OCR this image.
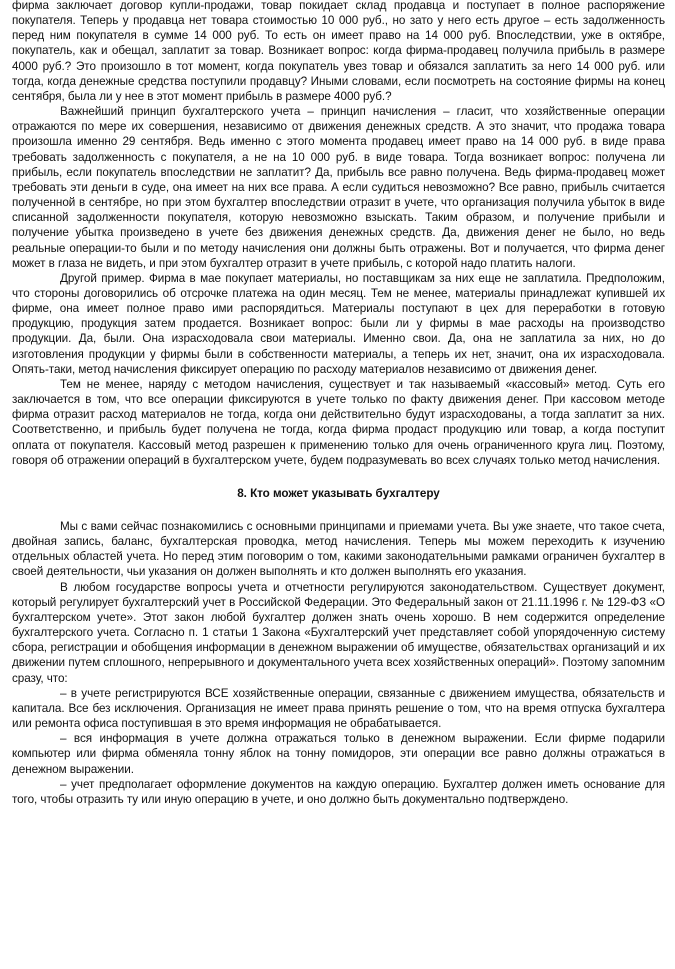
фирма заключает договор купли-продажи, товар покидает склад продавца и поступает в полное распоряжение покупателя. Теперь у продавца нет товара стоимостью 10 000 руб., но зато у него есть другое – есть задолженность перед ним покупателя в сумме 14 000 руб. То есть он имеет право на 14 000 руб. Впоследствии, уже в октябре, покупатель, как и обещал, заплатит за товар. Возникает вопрос: когда фирма-продавец получила прибыль в размере 4000 руб.? Это произошло в тот момент, когда покупатель увез товар и обязался заплатить за него 14 000 руб. или тогда, когда денежные средства поступили продавцу? Иными словами, если посмотреть на состояние фирмы на конец сентября, была ли у нее в этот момент прибыль в размере 4000 руб.?

Важнейший принцип бухгалтерского учета – принцип начисления – гласит, что хозяйственные операции отражаются по мере их совершения, независимо от движения денежных средств. А это значит, что продажа товара произошла именно 29 сентября. Ведь именно с этого момента продавец имеет право на 14 000 руб. в виде права требовать задолженность с покупателя, а не на 10 000 руб. в виде товара. Тогда возникает вопрос: получена ли прибыль, если покупатель впоследствии не заплатит? Да, прибыль все равно получена. Ведь фирма-продавец может требовать эти деньги в суде, она имеет на них все права. А если судиться невозможно? Все равно, прибыль считается полученной в сентябре, но при этом бухгалтер впоследствии отразит в учете, что организация получила убыток в виде списанной задолженности покупателя, которую невозможно взыскать. Таким образом, и получение прибыли и получение убытка произведено в учете без движения денежных средств. Да, движения денег не было, но ведь реальные операции-то были и по методу начисления они должны быть отражены. Вот и получается, что фирма денег может в глаза не видеть, и при этом бухгалтер отразит в учете прибыль, с которой надо платить налоги.

Другой пример. Фирма в мае покупает материалы, но поставщикам за них еще не заплатила. Предположим, что стороны договорились об отсрочке платежа на один месяц. Тем не менее, материалы принадлежат купившей их фирме, она имеет полное право ими распорядиться. Материалы поступают в цех для переработки в готовую продукцию, продукция затем продается. Возникает вопрос: были ли у фирмы в мае расходы на производство продукции. Да, были. Она израсходовала свои материалы. Именно свои. Да, она не заплатила за них, но до изготовления продукции у фирмы были в собственности материалы, а теперь их нет, значит, она их израсходовала. Опять-таки, метод начисления фиксирует операцию по расходу материалов независимо от движения денег.

Тем не менее, наряду с методом начисления, существует и так называемый «кассовый» метод. Суть его заключается в том, что все операции фиксируются в учете только по факту движения денег. При кассовом методе фирма отразит расход материалов не тогда, когда они действительно будут израсходованы, а тогда заплатит за них. Соответственно, и прибыль будет получена не тогда, когда фирма продаст продукцию или товар, а когда поступит оплата от покупателя. Кассовый метод разрешен к применению только для очень ограниченного круга лиц. Поэтому, говоря об отражении операций в бухгалтерском учете, будем подразумевать во всех случаях только метод начисления.

8. Кто может указывать бухгалтеру

Мы с вами сейчас познакомились с основными принципами и приемами учета. Вы уже знаете, что такое счета, двойная запись, баланс, бухгалтерская проводка, метод начисления. Теперь мы можем переходить к изучению отдельных областей учета. Но перед этим поговорим о том, какими законодательными рамками ограничен бухгалтер в своей деятельности, чьи указания он должен выполнять и кто должен выполнять его указания.

В любом государстве вопросы учета и отчетности регулируются законодательством. Существует документ, который регулирует бухгалтерский учет в Российской Федерации. Это Федеральный закон от 21.11.1996 г. № 129-ФЗ «О бухгалтерском учете». Этот закон любой бухгалтер должен знать очень хорошо. В нем содержится определение бухгалтерского учета. Согласно п. 1 статьи 1 Закона «Бухгалтерский учет представляет собой упорядоченную систему сбора, регистрации и обобщения информации в денежном выражении об имуществе, обязательствах организаций и их движении путем сплошного, непрерывного и документального учета всех хозяйственных операций». Поэтому запомним сразу, что:

– в учете регистрируются ВСЕ хозяйственные операции, связанные с движением имущества, обязательств и капитала. Все без исключения. Организация не имеет права принять решение о том, что на время отпуска бухгалтера или ремонта офиса поступившая в это время информация не обрабатывается.

– вся информация в учете должна отражаться только в денежном выражении. Если фирме подарили компьютер или фирма обменяла тонну яблок на тонну помидоров, эти операции все равно должны отражаться в денежном выражении.

– учет предполагает оформление документов на каждую операцию. Бухгалтер должен иметь основание для того, чтобы отразить ту или иную операцию в учете, и оно должно быть документально подтверждено.
